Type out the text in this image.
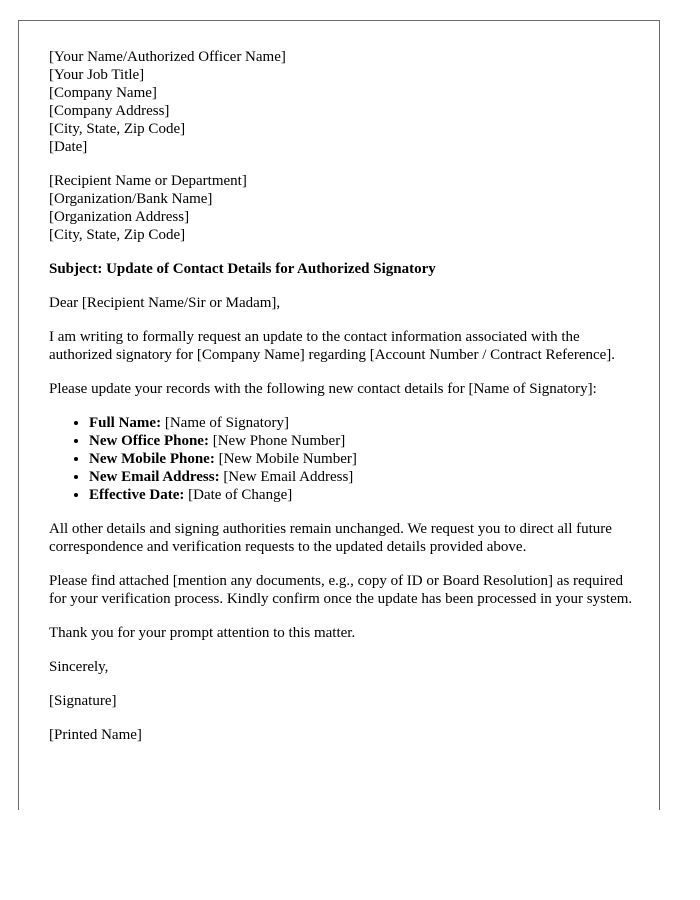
[Your Name/Authorized Officer Name]
[Your Job Title]
[Company Name]
[Company Address]
[City, State, Zip Code]
[Date]
[Recipient Name or Department]
[Organization/Bank Name]
[Organization Address]
[City, State, Zip Code]
Subject: Update of Contact Details for Authorized Signatory

Dear [Recipient Name/Sir or Madam],

I am writing to formally request an update to the contact information associated with the authorized signatory for [Company Name] regarding [Account Number / Contract Reference].

Please update your records with the following new contact details for [Name of Signatory]:

• Full Name: [Name of Signatory]
• New Office Phone: [New Phone Number]
• New Mobile Phone: [New Mobile Number]
• New Email Address: [New Email Address]
• Effective Date: [Date of Change]

All other details and signing authorities remain unchanged. We request you to direct all future correspondence and verification requests to the updated details provided above.

Please find attached [mention any documents, e.g., copy of ID or Board Resolution] as required for your verification process. Kindly confirm once the update has been processed in your system.

Thank you for your prompt attention to this matter.

Sincerely,

[Signature]

[Printed Name]
